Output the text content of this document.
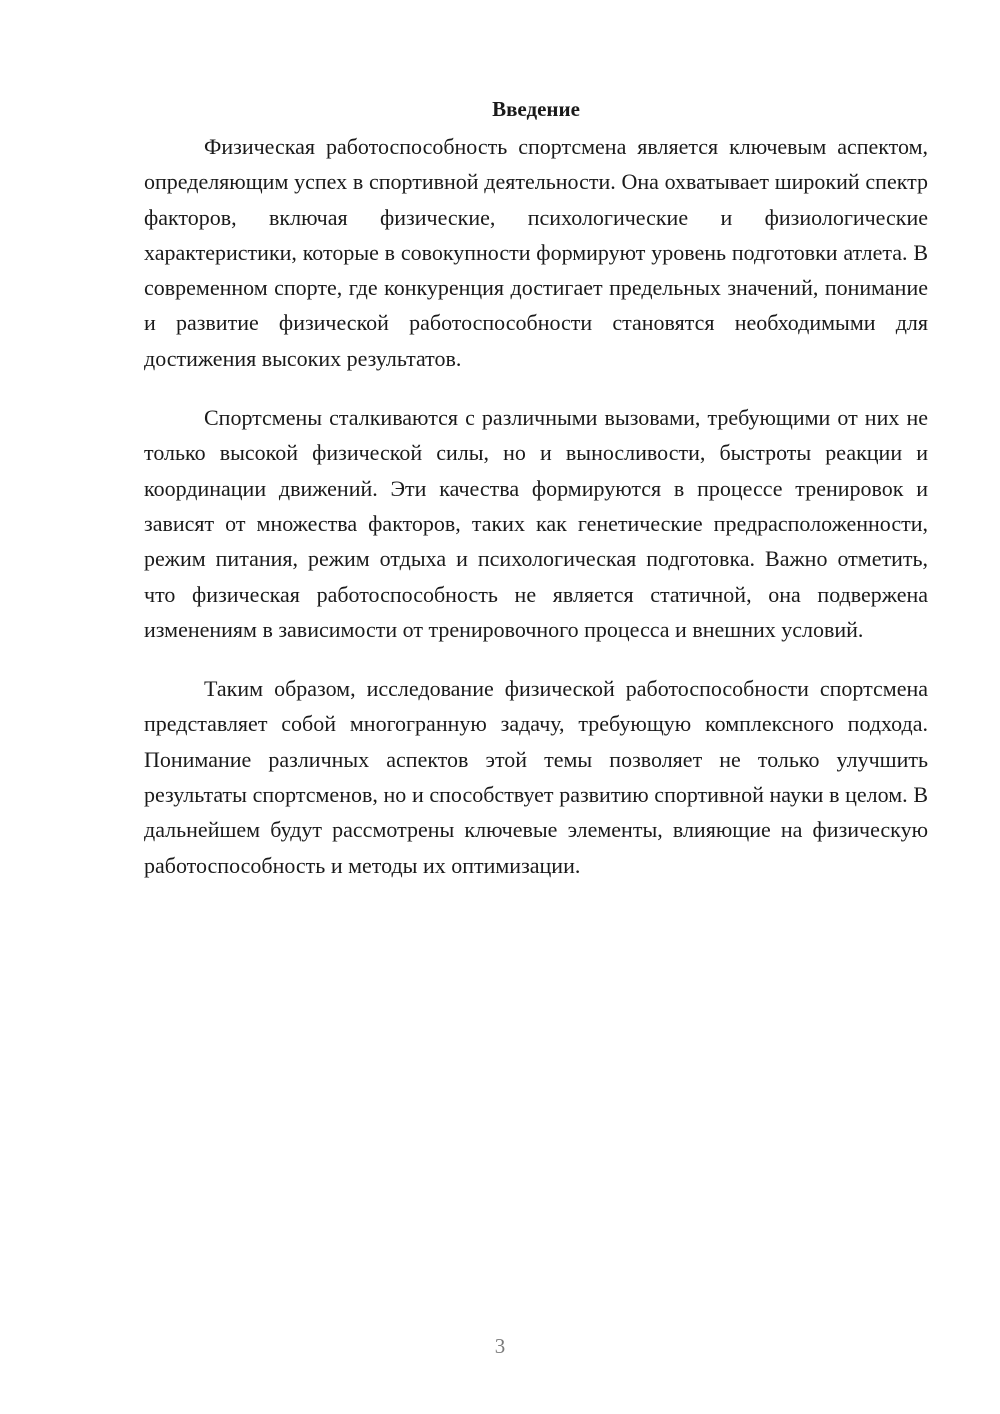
Введение

Физическая работоспособность спортсмена является ключевым аспектом, определяющим успех в спортивной деятельности. Она охватывает широкий спектр факторов, включая физические, психологические и физиологические характеристики, которые в совокупности формируют уровень подготовки атлета. В современном спорте, где конкуренция достигает предельных значений, понимание и развитие физической работоспособности становятся необходимыми для достижения высоких результатов.

Спортсмены сталкиваются с различными вызовами, требующими от них не только высокой физической силы, но и выносливости, быстроты реакции и координации движений. Эти качества формируются в процессе тренировок и зависят от множества факторов, таких как генетические предрасположенности, режим питания, режим отдыха и психологическая подготовка. Важно отметить, что физическая работоспособность не является статичной, она подвержена изменениям в зависимости от тренировочного процесса и внешних условий.

Таким образом, исследование физической работоспособности спортсмена представляет собой многогранную задачу, требующую комплексного подхода. Понимание различных аспектов этой темы позволяет не только улучшить результаты спортсменов, но и способствует развитию спортивной науки в целом. В дальнейшем будут рассмотрены ключевые элементы, влияющие на физическую работоспособность и методы их оптимизации.

3
